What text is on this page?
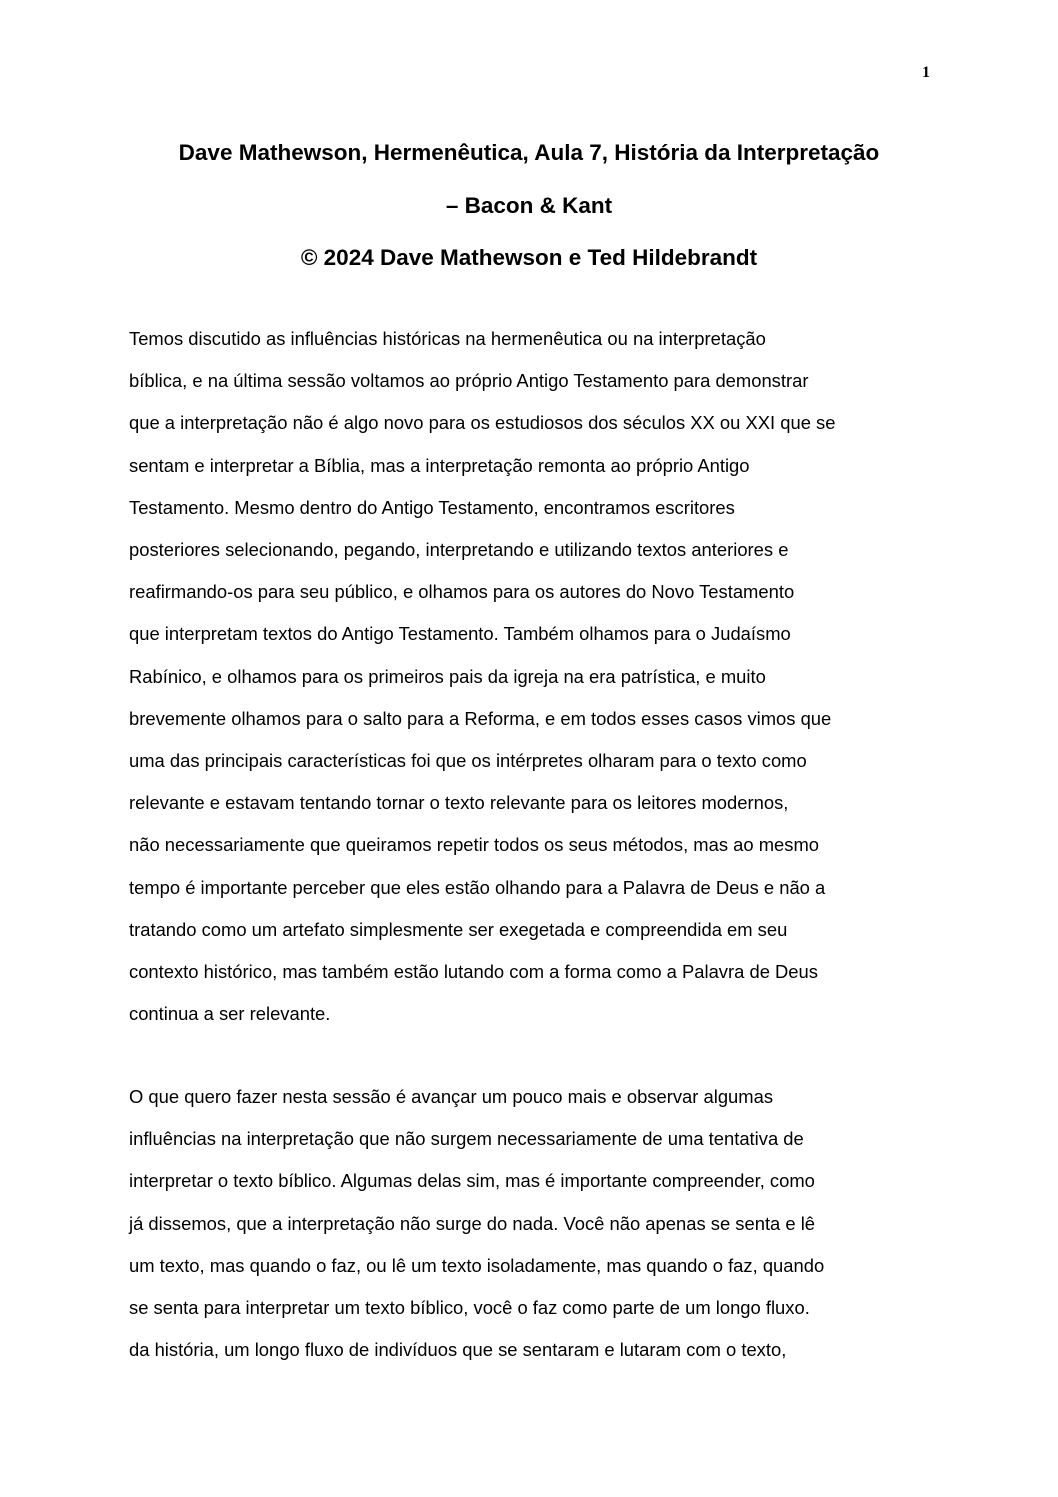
1
Dave Mathewson, Hermenêutica, Aula 7, História da Interpretação
– Bacon & Kant
© 2024 Dave Mathewson e Ted Hildebrandt
Temos discutido as influências históricas na hermenêutica ou na interpretação
bíblica, e na última sessão voltamos ao próprio Antigo Testamento para demonstrar
que a interpretação não é algo novo para os estudiosos dos séculos XX ou XXI que se
sentam e interpretar a Bíblia, mas a interpretação remonta ao próprio Antigo
Testamento. Mesmo dentro do Antigo Testamento, encontramos escritores
posteriores selecionando, pegando, interpretando e utilizando textos anteriores e
reafirmando-os para seu público, e olhamos para os autores do Novo Testamento
que interpretam textos do Antigo Testamento. Também olhamos para o Judaísmo
Rabínico, e olhamos para os primeiros pais da igreja na era patrística, e muito
brevemente olhamos para o salto para a Reforma, e em todos esses casos vimos que
uma das principais características foi que os intérpretes olharam para o texto como
relevante e estavam tentando tornar o texto relevante para os leitores modernos,
não necessariamente que queiramos repetir todos os seus métodos, mas ao mesmo
tempo é importante perceber que eles estão olhando para a Palavra de Deus e não a
tratando como um artefato simplesmente ser exegetada e compreendida em seu
contexto histórico, mas também estão lutando com a forma como a Palavra de Deus
continua a ser relevante.
O que quero fazer nesta sessão é avançar um pouco mais e observar algumas
influências na interpretação que não surgem necessariamente de uma tentativa de
interpretar o texto bíblico. Algumas delas sim, mas é importante compreender, como
já dissemos, que a interpretação não surge do nada. Você não apenas se senta e lê
um texto, mas quando o faz, ou lê um texto isoladamente, mas quando o faz, quando
se senta para interpretar um texto bíblico, você o faz como parte de um longo fluxo.
da história, um longo fluxo de indivíduos que se sentaram e lutaram com o texto,
